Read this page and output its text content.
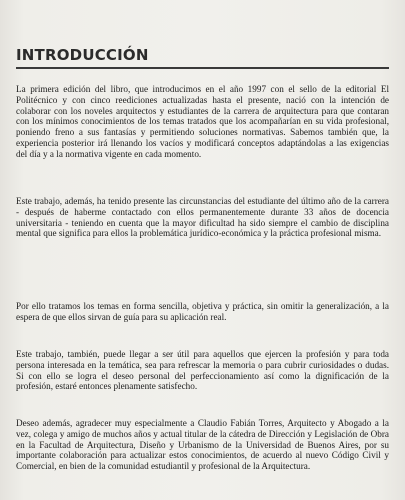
INTRODUCCIÓN

La primera edición del libro, que introducimos en el año 1997 con el sello de la editorial El Politécnico y con cinco reediciones actualizadas hasta el presente, nació con la intención de colaborar con los noveles arquitectos y estudiantes de la carrera de arquitectura para que contaran con los mínimos conocimientos de los temas tratados que los acompañarían en su vida profesional, poniendo freno a sus fantasías y permitiendo soluciones normativas. Sabemos también que, la experiencia posterior irá llenando los vacíos y modificará conceptos adaptándolas a las exigencias del día y a la normativa vigente en cada momento.

Este trabajo, además, ha tenido presente las circunstancias del estudiante del último año de la carrera - después de haberme contactado con ellos permanentemente durante 33 años de docencia universitaria - teniendo en cuenta que la mayor dificultad ha sido siempre el cambio de disciplina mental que significa para ellos la problemática jurídico-económica y la práctica profesional misma.

Por ello tratamos los temas en forma sencilla, objetiva y práctica, sin omitir la generalización, a la espera de que ellos sirvan de guía para su aplicación real.

Este trabajo, también, puede llegar a ser útil para aquellos que ejercen la profesión y para toda persona interesada en la temática, sea para refrescar la memoria o para cubrir curiosidades o dudas. Si con ello se logra el deseo personal del perfeccionamiento así como la dignificación de la profesión, estaré entonces plenamente satisfecho.

Deseo además, agradecer muy especialmente a Claudio Fabián Torres, Arquitecto y Abogado a la vez, colega y amigo de muchos años y actual titular de la cátedra de Dirección y Legislación de Obra en la Facultad de Arquitectura, Diseño y Urbanismo de la Universidad de Buenos Aires, por su importante colaboración para actualizar estos conocimientos, de acuerdo al nuevo Código Civil y Comercial, en bien de la comunidad estudiantil y profesional de la Arquitectura.
